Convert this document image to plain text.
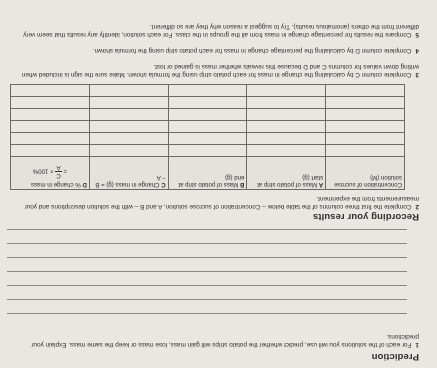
Prediction
1For each of the solutions you will use, predict whether the potato strips will gain mass, lose mass or keep the same mass. Explain your predictions.
Recording your results
2Complete the first three columns of the table below – Concentration of sucrose solution, A and B – with the solution descriptions and your measurements from the experiment.
Concentration of sucrose solution (M)	A Mass of potato strip at start (g)	B Mass of potato strip at end (g)	C Change in mass (g) = B − A	D % change in mass
=
C
A
× 100%

3Complete column C by calculating the change in mass for each potato strip using the formula shown. Make sure the sign is included when writing down values for columns C and D because this reveals whether mass is gained or lost.
4Complete column D by calculating the percentage change in mass for each potato strip using the formula shown.
5Compare the results for percentage change in mass from all the groups in the class. For each solution, identify any results that seem very different from the others (anomalous results). Try to suggest a reason why they are so different.
